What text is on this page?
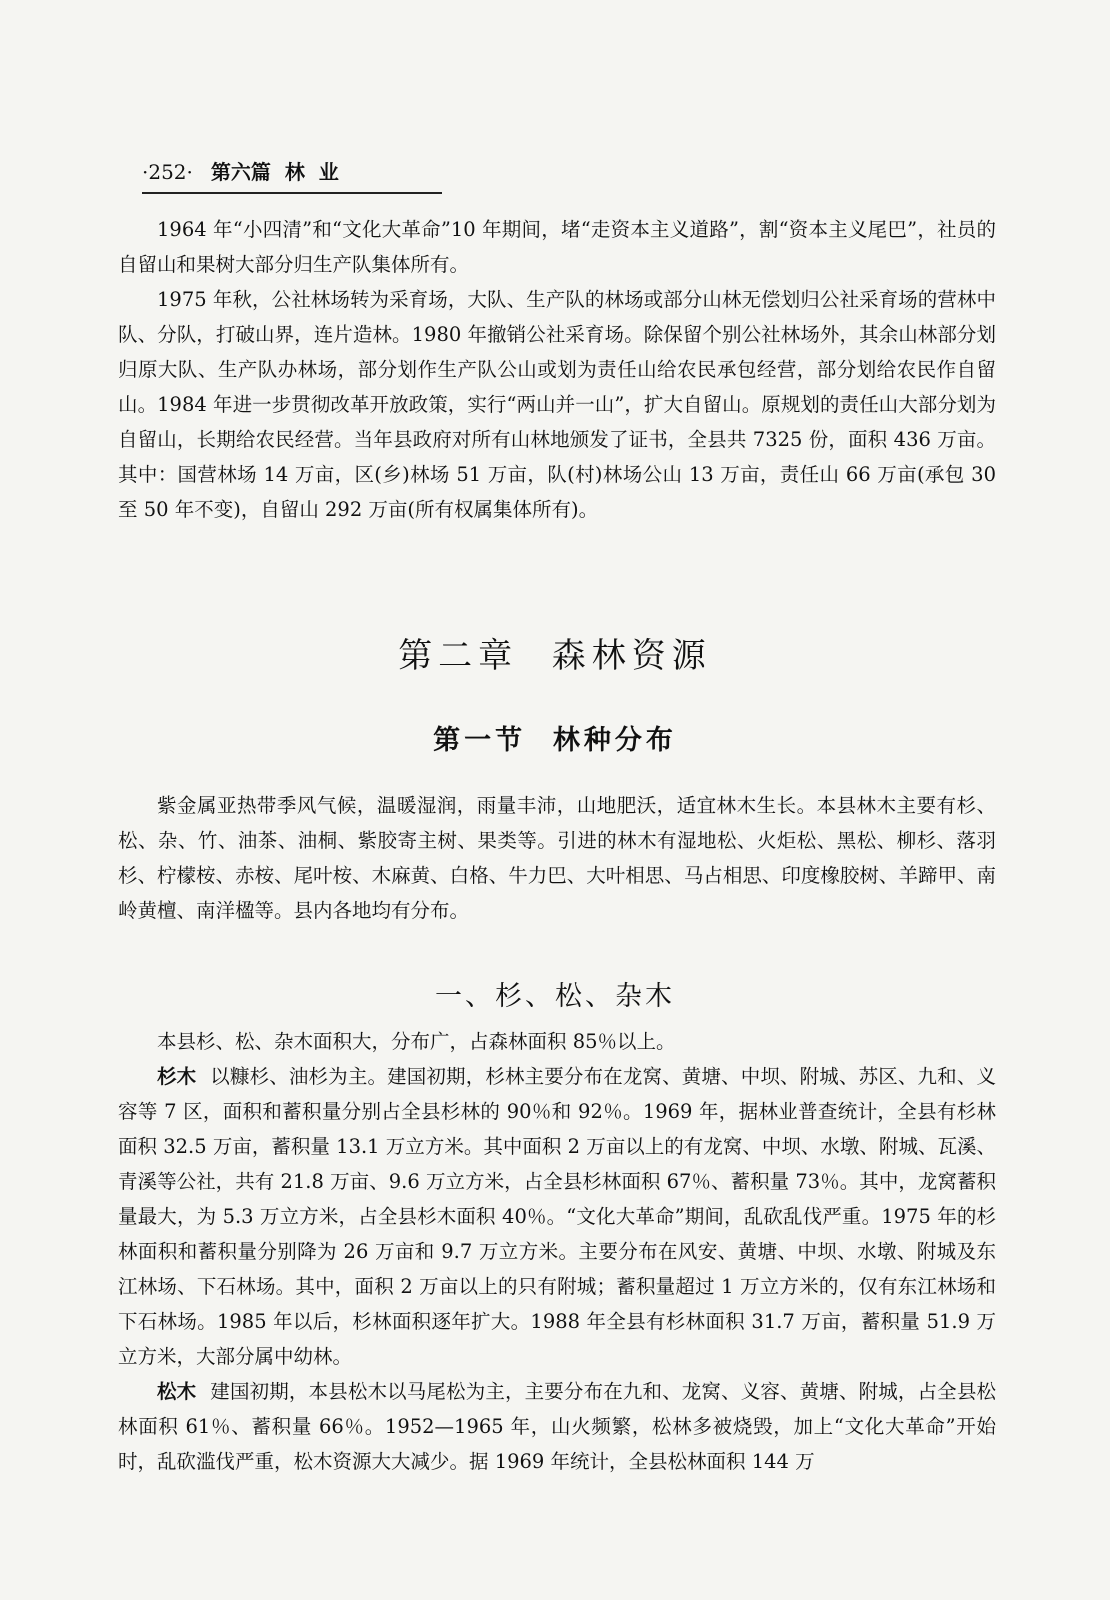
·252· 第六篇  林  业

1964 年“小四清”和“文化大革命”10 年期间，堵“走资本主义道路”，割“资本主义尾巴”，社员的自留山和果树大部分归生产队集体所有。

1975 年秋，公社林场转为采育场，大队、生产队的林场或部分山林无偿划归公社采育场的营林中队、分队，打破山界，连片造林。1980 年撤销公社采育场。除保留个别公社林场外，其余山林部分划归原大队、生产队办林场，部分划作生产队公山或划为责任山给农民承包经营，部分划给农民作自留山。1984 年进一步贯彻改革开放政策，实行“两山并一山”，扩大自留山。原规划的责任山大部分划为自留山，长期给农民经营。当年县政府对所有山林地颁发了证书，全县共 7325 份，面积 436 万亩。其中：国营林场 14 万亩，区(乡)林场 51 万亩，队(村)林场公山 13 万亩，责任山 66 万亩(承包 30 至 50 年不变)，自留山 292 万亩(所有权属集体所有)。

第二章  森林资源
第一节  林种分布

紫金属亚热带季风气候，温暖湿润，雨量丰沛，山地肥沃，适宜林木生长。本县林木主要有杉、松、杂、竹、油茶、油桐、紫胶寄主树、果类等。引进的林木有湿地松、火炬松、黑松、柳杉、落羽杉、柠檬桉、赤桉、尾叶桉、木麻黄、白格、牛力巴、大叶相思、马占相思、印度橡胶树、羊蹄甲、南岭黄檀、南洋楹等。县内各地均有分布。

一、杉、松、杂木

本县杉、松、杂木面积大，分布广，占森林面积 85％以上。

杉木 以糠杉、油杉为主。建国初期，杉林主要分布在龙窝、黄塘、中坝、附城、苏区、九和、义容等 7 区，面积和蓄积量分别占全县杉林的 90％和 92％。1969 年，据林业普查统计，全县有杉林面积 32.5 万亩，蓄积量 13.1 万立方米。其中面积 2 万亩以上的有龙窝、中坝、水墩、附城、瓦溪、青溪等公社，共有 21.8 万亩、9.6 万立方米，占全县杉林面积 67％、蓄积量 73％。其中，龙窝蓄积量最大，为 5.3 万立方米，占全县杉木面积 40％。“文化大革命”期间，乱砍乱伐严重。1975 年的杉林面积和蓄积量分别降为 26 万亩和 9.7 万立方米。主要分布在风安、黄塘、中坝、水墩、附城及东江林场、下石林场。其中，面积 2 万亩以上的只有附城；蓄积量超过 1 万立方米的，仅有东江林场和下石林场。1985 年以后，杉林面积逐年扩大。1988 年全县有杉林面积 31.7 万亩，蓄积量 51.9 万立方米，大部分属中幼林。

松木 建国初期，本县松木以马尾松为主，主要分布在九和、龙窝、义容、黄塘、附城，占全县松林面积 61％、蓄积量 66％。1952—1965 年，山火频繁，松林多被烧毁，加上“文化大革命”开始时，乱砍滥伐严重，松木资源大大减少。据 1969 年统计，全县松林面积 144 万
